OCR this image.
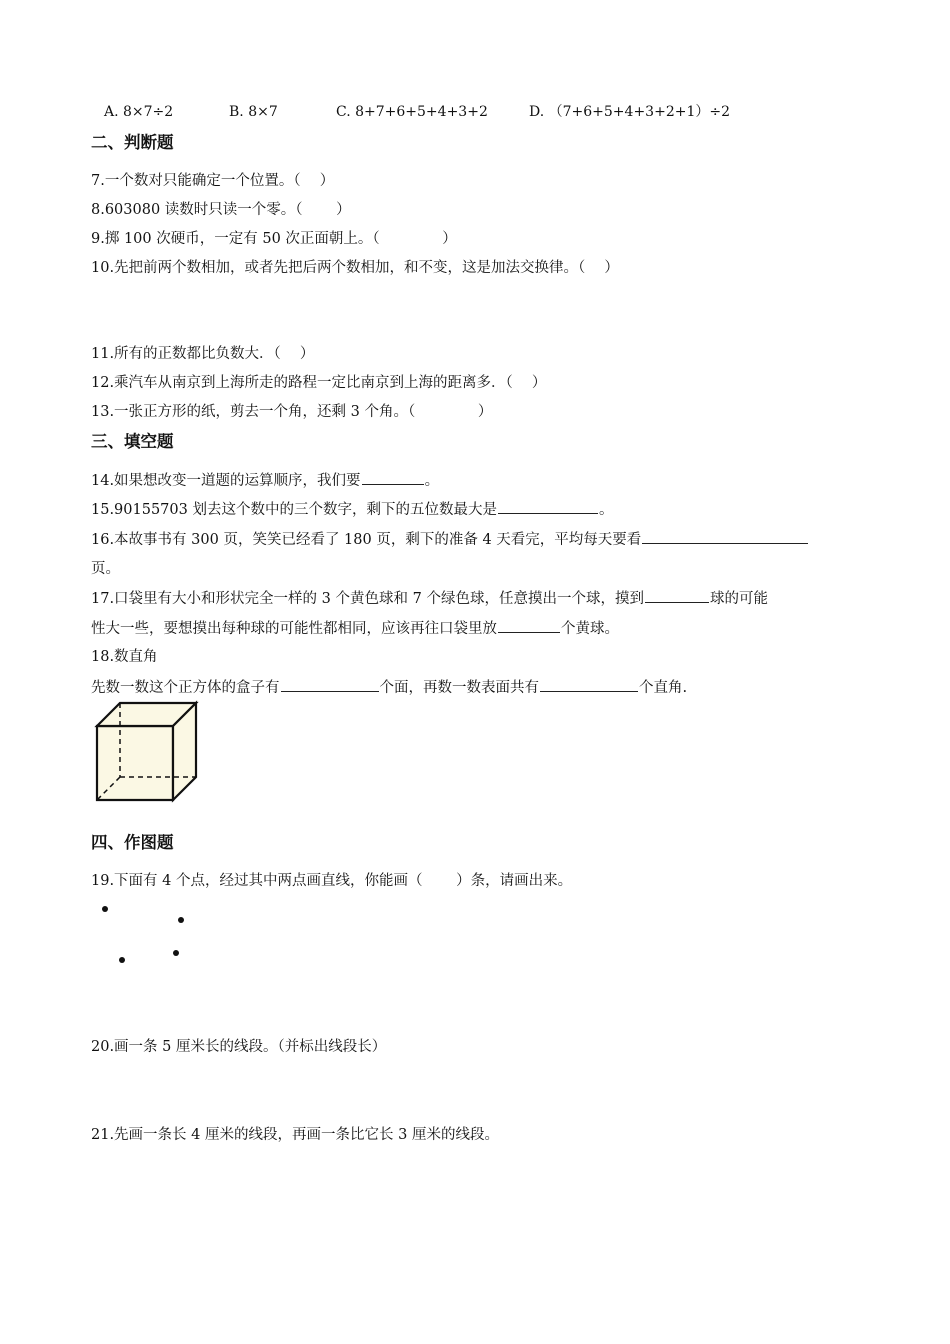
A. 8×7÷2	B. 8×7	C. 8+7+6+5+4+3+2	D. （7+6+5+4+3+2+1）÷2
二、判断题
7.一个数对只能确定一个位置。（　 ）
8.603080 读数时只读一个零。（　　 ）
9.掷 100 次硬币，一定有 50 次正面朝上。（　　　　 ）
10.先把前两个数相加，或者先把后两个数相加，和不变，这是加法交换律。（　 ）
11.所有的正数都比负数大．（　 ）
12.乘汽车从南京到上海所走的路程一定比南京到上海的距离多．（　 ）
13.一张正方形的纸，剪去一个角，还剩 3 个角。（　　　　 ）
三、填空题
14.如果想改变一道题的运算顺序，我们要	。
15.90155703 划去这个数中的三个数字，剩下的五位数最大是	。
16.本故事书有 300 页，笑笑已经看了 180 页，剩下的准备 4 天看完，平均每天要看
页。
17.口袋里有大小和形状完全一样的 3 个黄色球和 7 个绿色球，任意摸出一个球，摸到	球的可能
性大一些，要想摸出每种球的可能性都相同，应该再往口袋里放	个黄球。
18.数直角
先数一数这个正方体的盒子有	个面，再数一数表面共有	个直角.
四、作图题
19.下面有 4 个点，经过其中两点画直线，你能画（　　 ）条，请画出来。
20.画一条 5 厘米长的线段。（并标出线段长）
21.先画一条长 4 厘米的线段，再画一条比它长 3 厘米的线段。
